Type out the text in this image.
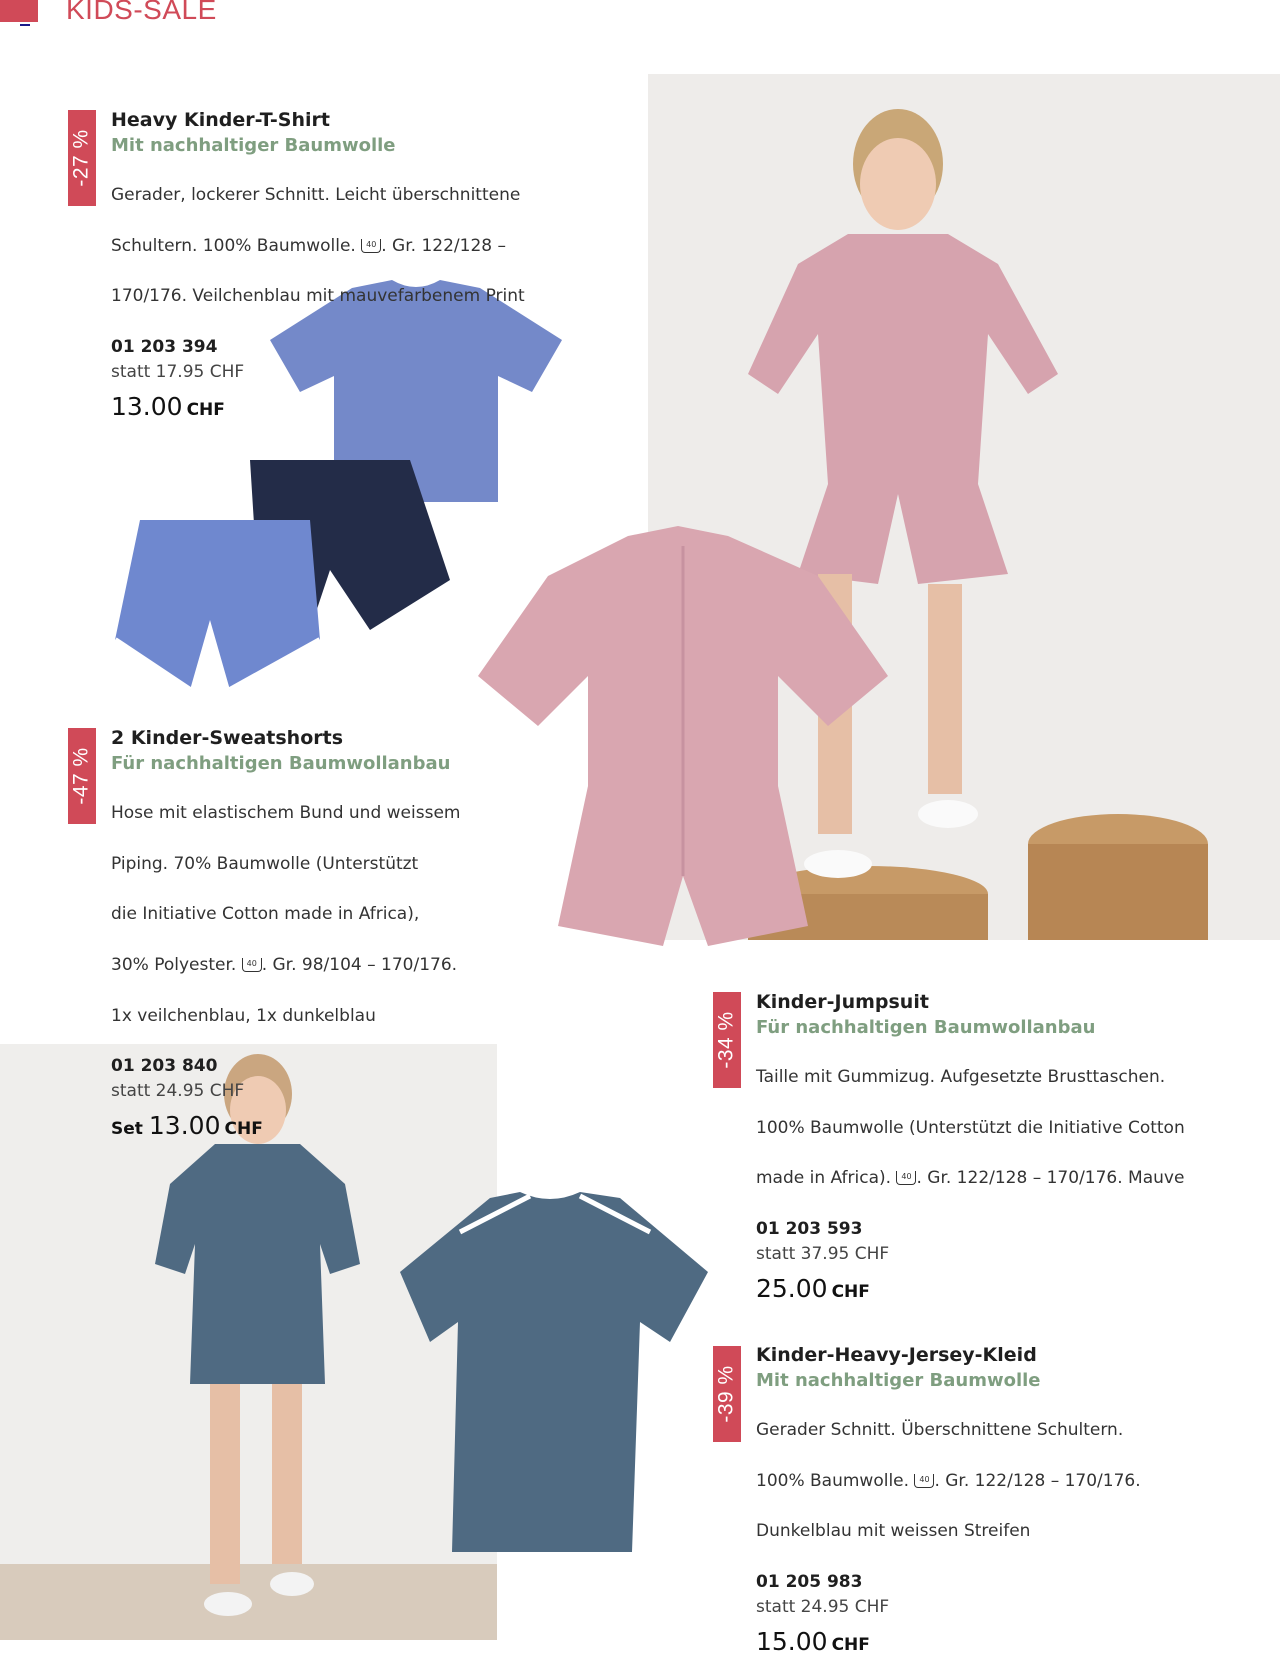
KIDS-SALE
-27 %
Heavy Kinder-T-Shirt
Mit nachhaltiger Baumwolle

Gerader, lockerer Schnitt. Leicht überschnittene

Schultern. 100% Baumwolle. 40 . Gr. 122/128 –

170/176. Veilchenblau mit mauvefarbenem Print

01 203 394
statt 17.95 CHF
13.00 CHF
-47 %
2 Kinder-Sweatshorts
Für nachhaltigen Baumwollanbau

Hose mit elastischem Bund und weissem

Piping. 70% Baumwolle (Unterstützt

die Initiative Cotton made in Africa),

30% Polyester. 40 . Gr. 98/104 – 170/176.

1x veilchenblau, 1x dunkelblau

01 203 840
statt 24.95 CHF
Set 13.00 CHF
-34 %
Kinder-Jumpsuit
Für nachhaltigen Baumwollanbau

Taille mit Gummizug. Aufgesetzte Brusttaschen.

100% Baumwolle (Unterstützt die Initiative Cotton

made in Africa). 40 . Gr. 122/128 – 170/176. Mauve

01 203 593
statt 37.95 CHF
25.00 CHF
-39 %
Kinder-Heavy-Jersey-Kleid
Mit nachhaltiger Baumwolle

Gerader Schnitt. Überschnittene Schultern.

100% Baumwolle. 40 . Gr. 122/128 – 170/176.

Dunkelblau mit weissen Streifen

01 205 983
statt 24.95 CHF
15.00 CHF
